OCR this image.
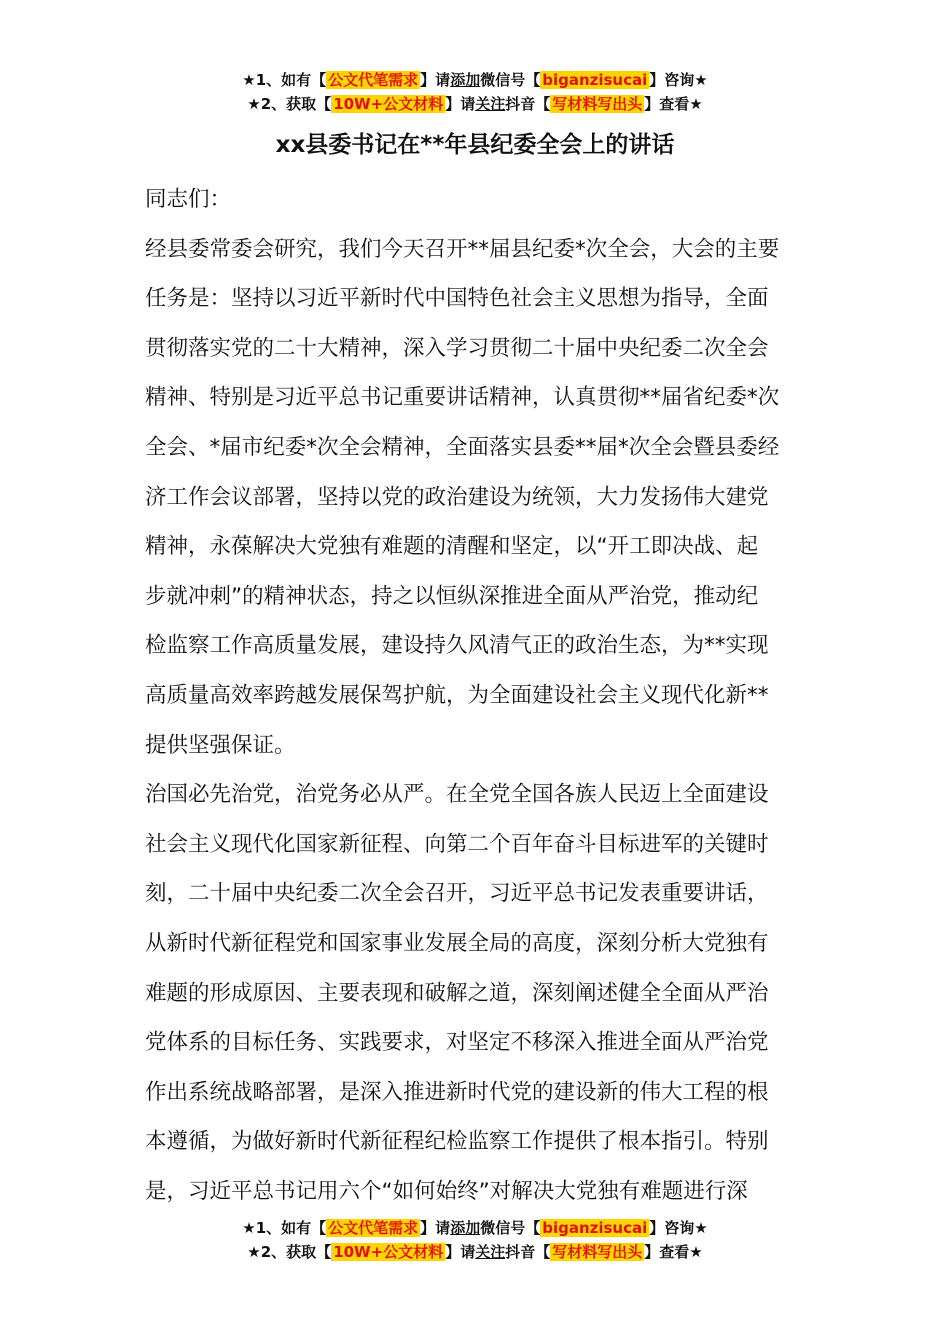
★1、如有【 公文代笔需求 】请添加微信号【 biganzisucai 】咨询★
★2、获取【 10W+公文材料 】请关注抖音【 写材料写出头 】查看★
xx县委书记在**年县纪委全会上的讲话

同志们：

经县委常委会研究，我们今天召开**届县纪委*次全会，大会的主要

任务是：坚持以习近平新时代中国特色社会主义思想为指导，全面

贯彻落实党的二十大精神，深入学习贯彻二十届中央纪委二次全会

精神、特别是习近平总书记重要讲话精神，认真贯彻**届省纪委*次

全会、*届市纪委*次全会精神，全面落实县委**届*次全会暨县委经

济工作会议部署，坚持以党的政治建设为统领，大力发扬伟大建党

精神，永葆解决大党独有难题的清醒和坚定，以“开工即决战、起

步就冲刺”的精神状态，持之以恒纵深推进全面从严治党，推动纪

检监察工作高质量发展，建设持久风清气正的政治生态，为**实现

高质量高效率跨越发展保驾护航，为全面建设社会主义现代化新**

提供坚强保证。

治国必先治党，治党务必从严。在全党全国各族人民迈上全面建设

社会主义现代化国家新征程、向第二个百年奋斗目标进军的关键时

刻，二十届中央纪委二次全会召开，习近平总书记发表重要讲话，

从新时代新征程党和国家事业发展全局的高度，深刻分析大党独有

难题的形成原因、主要表现和破解之道，深刻阐述健全全面从严治

党体系的目标任务、实践要求，对坚定不移深入推进全面从严治党

作出系统战略部署，是深入推进新时代党的建设新的伟大工程的根

本遵循，为做好新时代新征程纪检监察工作提供了根本指引。特别

是，习近平总书记用六个“如何始终”对解决大党独有难题进行深

★1、如有【 公文代笔需求 】请添加微信号【 biganzisucai 】咨询★
★2、获取【 10W+公文材料 】请关注抖音【 写材料写出头 】查看★
